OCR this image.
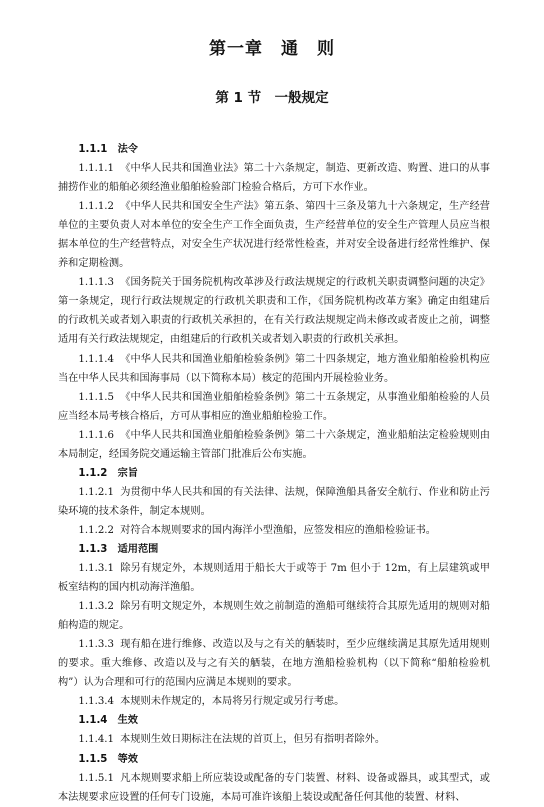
第一章　通　则
第 1 节　一般规定

1.1.1 法令

1.1.1.1 《中华人民共和国渔业法》第二十六条规定，制造、更新改造、购置、进口的从事捕捞作业的船舶必须经渔业船舶检验部门检验合格后，方可下水作业。

1.1.1.2 《中华人民共和国安全生产法》第五条、第四十三条及第九十六条规定，生产经营单位的主要负责人对本单位的安全生产工作全面负责，生产经营单位的安全生产管理人员应当根据本单位的生产经营特点，对安全生产状况进行经常性检查，并对安全设备进行经常性维护、保养和定期检测。

1.1.1.3 《国务院关于国务院机构改革涉及行政法规规定的行政机关职责调整问题的决定》第一条规定，现行行政法规规定的行政机关职责和工作，《国务院机构改革方案》确定由组建后的行政机关或者划入职责的行政机关承担的，在有关行政法规规定尚未修改或者废止之前，调整适用有关行政法规规定，由组建后的行政机关或者划入职责的行政机关承担。

1.1.1.4 《中华人民共和国渔业船舶检验条例》第二十四条规定，地方渔业船舶检验机构应当在中华人民共和国海事局（以下简称本局）核定的范围内开展检验业务。

1.1.1.5 《中华人民共和国渔业船舶检验条例》第二十五条规定，从事渔业船舶检验的人员应当经本局考核合格后，方可从事相应的渔业船舶检验工作。

1.1.1.6 《中华人民共和国渔业船舶检验条例》第二十六条规定，渔业船舶法定检验规则由本局制定，经国务院交通运输主管部门批准后公布实施。

1.1.2 宗旨

1.1.2.1 为贯彻中华人民共和国的有关法律、法规，保障渔船具备安全航行、作业和防止污染环境的技术条件，制定本规则。

1.1.2.2 对符合本规则要求的国内海洋小型渔船，应签发相应的渔船检验证书。

1.1.3 适用范围

1.1.3.1 除另有规定外，本规则适用于船长大于或等于 7m 但小于 12m，有上层建筑或甲板室结构的国内机动海洋渔船。

1.1.3.2 除另有明文规定外，本规则生效之前制造的渔船可继续符合其原先适用的规则对船舶构造的规定。

1.1.3.3 现有船在进行维修、改造以及与之有关的舾装时，至少应继续满足其原先适用规则的要求。重大维修、改造以及与之有关的舾装，在地方渔船检验机构（以下简称“船舶检验机构”）认为合理和可行的范围内应满足本规则的要求。

1.1.3.4 本规则未作规定的，本局将另行规定或另行考虑。

1.1.4 生效

1.1.4.1 本规则生效日期标注在法规的首页上，但另有指明者除外。

1.1.5 等效

1.1.5.1 凡本规则要求船上所应装设或配备的专门装置、材料、设备或器具，或其型式，或本法规要求应设置的任何专门设施，本局可准许该船上装设或配备任何其他的装置、材料、
